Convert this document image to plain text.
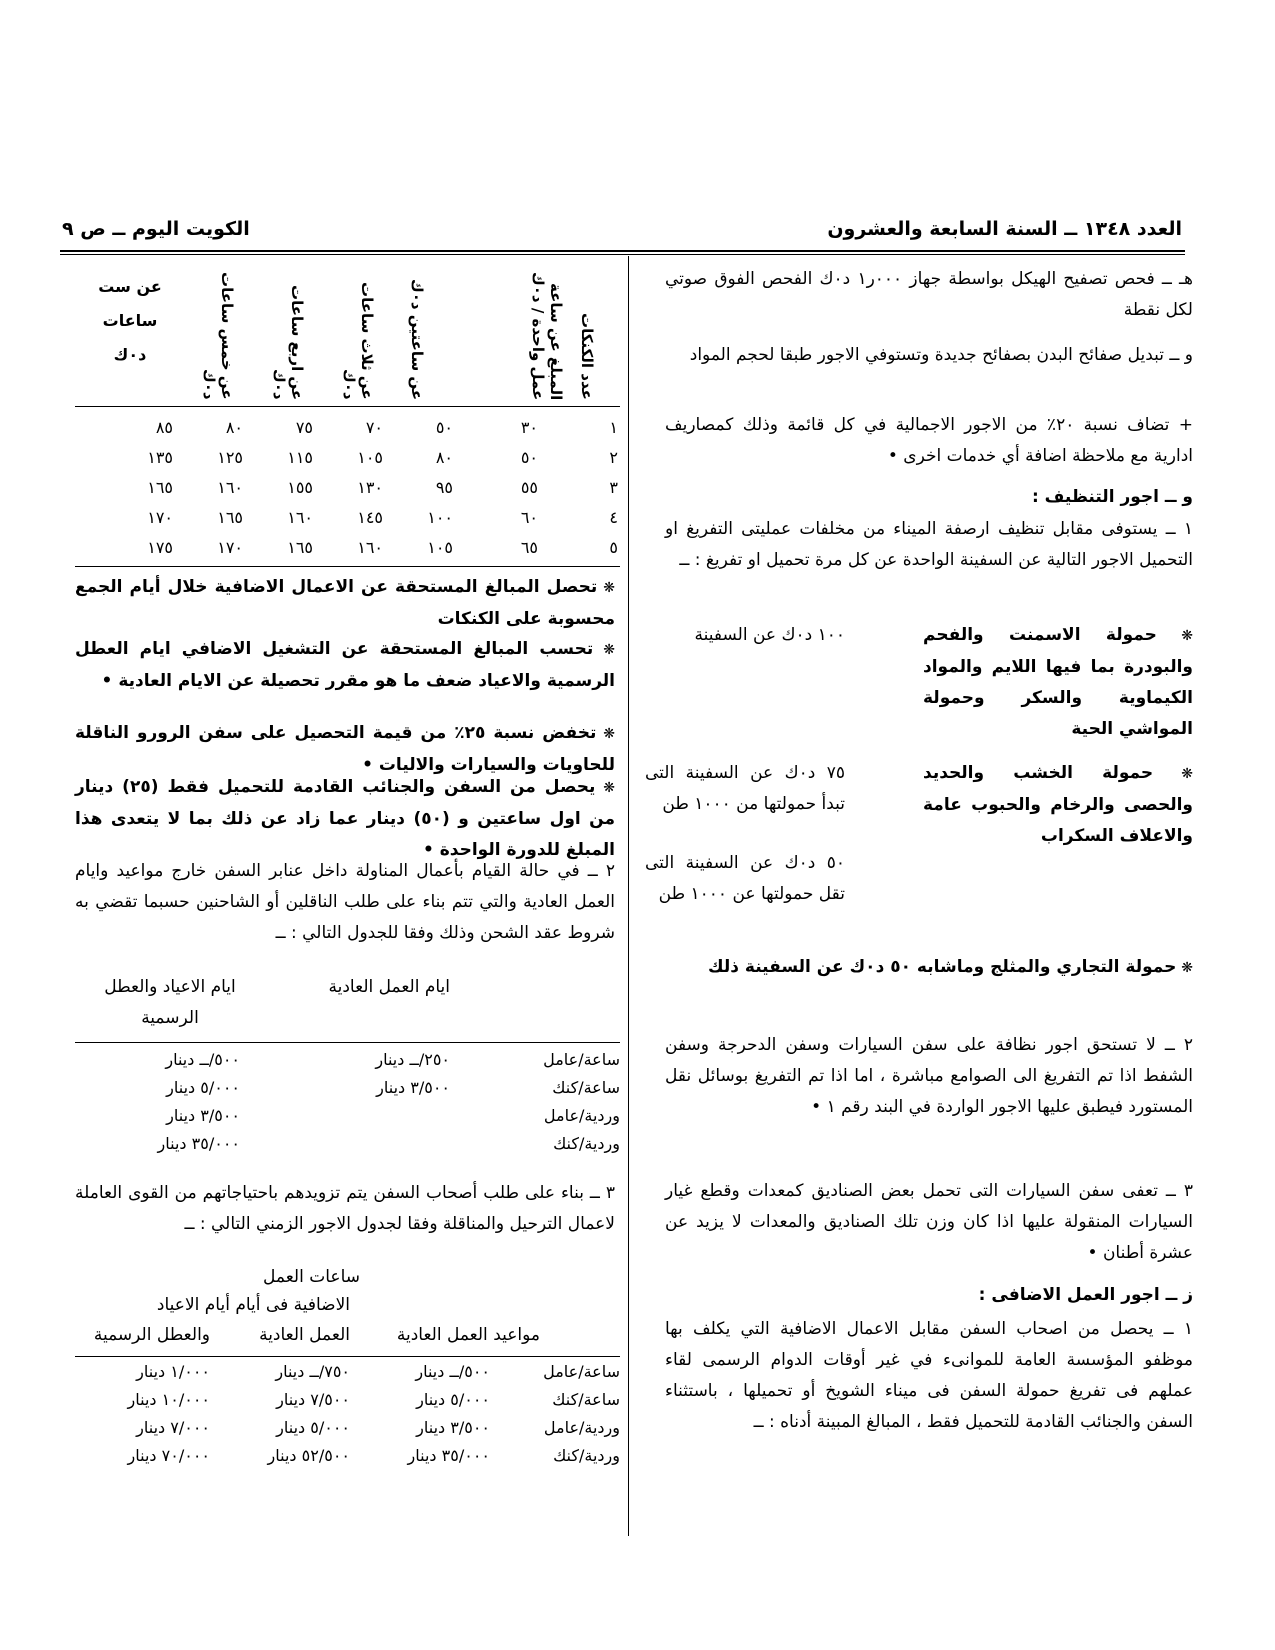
العدد ١٣٤٨ ــ السنة السابعة والعشرون
الكويت اليوم ــ ص ٩
هـ ــ فحص تصفيح الهيكل بواسطة جهاز ٠٠٠ر١ د٠ك الفحص الفوق صوتي لكل نقطة
و ــ تبديل صفائح البدن بصفائح جديدة وتستوفي الاجور طبقا لحجم المواد
+ تضاف نسبة ٢٠٪ من الاجور الاجمالية في كل قائمة وذلك كمصاريف ادارية مع ملاحظة اضافة أي خدمات اخرى •
و ــ اجور التنظيف :
١ ــ يستوفى مقابل تنظيف ارصفة الميناء من مخلفات عمليتى التفريغ او التحميل الاجور التالية عن السفينة الواحدة عن كل مرة تحميل او تفريغ : ــ
❋ حمولة الاسمنت والفحم والبودرة بما فيها اللايم والمواد الكيماوية والسكر وحمولة المواشي الحية
١٠٠ د٠ك عن السفينة
❋ حمولة الخشب والحديد والحصى والرخام والحبوب عامة والاعلاف السكراب
٧٥ د٠ك عن السفينة التى تبدأ حمولتها من ١٠٠٠ طن
٥٠ د٠ك عن السفينة التى تقل حمولتها عن ١٠٠٠ طن
❋ حمولة التجاري والمثلج وماشابه ٥٠ د٠ك عن السفينة ذلك
٢ ــ لا تستحق اجور نظافة على سفن السيارات وسفن الدحرجة وسفن الشفط اذا تم التفريغ الى الصوامع مباشرة ، اما اذا تم التفريغ بوسائل نقل المستورد فيطبق عليها الاجور الواردة في البند رقم ١ •
٣ ــ تعفى سفن السيارات التى تحمل بعض الصناديق كمعدات وقطع غيار السيارات المنقولة عليها اذا كان وزن تلك الصناديق والمعدات لا يزيد عن عشرة أطنان •
ز ــ اجور العمل الاضافى :
١ ــ يحصل من اصحاب السفن مقابل الاعمال الاضافية التي يكلف بها موظفو المؤسسة العامة للموانىء في غير أوقات الدوام الرسمى لقاء عملهم فى تفريغ حمولة السفن فى ميناء الشويخ أو تحميلها ، باستثناء السفن والجنائب القادمة للتحميل فقط ، المبالغ المبينة أدناه : ــ
عدد الكنكات
المبلغ عن ساعة عمل واحدة / د٠ك
عن ساعتين د٠ك
عن ثلاث ساعات د٠ك
عن اربع ساعات د٠ك
عن خمس ساعات د٠ك
عن ست ساعات د٠ك
١
٣٠
٥٠
٧٠
٧٥
٨٠
٨٥
٢
٥٠
٨٠
١٠٥
١١٥
١٢٥
١٣٥
٣
٥٥
٩٥
١٣٠
١٥٥
١٦٠
١٦٥
٤
٦٠
١٠٠
١٤٥
١٦٠
١٦٥
١٧٠
٥
٦٥
١٠٥
١٦٠
١٦٥
١٧٠
١٧٥
❋ تحصل المبالغ المستحقة عن الاعمال الاضافية خلال أيام الجمع محسوبة على الكنكات
❋ تحسب المبالغ المستحقة عن التشغيل الاضافي ايام العطل الرسمية والاعياد ضعف ما هو مقرر تحصيلة عن الايام العادية •
❋ تخفض نسبة ٢٥٪ من قيمة التحصيل على سفن الرورو الناقلة للحاويات والسيارات والاليات •
❋ يحصل من السفن والجنائب القادمة للتحميل فقط (٢٥) دينار من اول ساعتين و (٥٠) دينار عما زاد عن ذلك بما لا يتعدى هذا المبلغ للدورة الواحدة •
٢ ــ في حالة القيام بأعمال المناولة داخل عنابر السفن خارج مواعيد وايام العمل العادية والتي تتم بناء على طلب الناقلين أو الشاحنين حسبما تقضي به شروط عقد الشحن وذلك وفقا للجدول التالي : ــ
ايام العمل العادية
ايام الاعياد والعطل الرسمية
ساعة/عامل
٢٥٠/ــ دينار
٥٠٠/ــ دينار
ساعة/كنك
٣/٥٠٠ دينار
٥/٠٠٠ دينار
وردية/عامل
٣/٥٠٠ دينار
وردية/كنك
٣٥/٠٠٠ دينار
٣ ــ بناء على طلب أصحاب السفن يتم تزويدهم باحتياجاتهم من القوى العاملة لاعمال الترحيل والمناقلة وفقا لجدول الاجور الزمني التالي : ــ
ساعات العمل
الاضافية فى أيام أيام الاعياد
مواعيد العمل العادية
العمل العادية
والعطل الرسمية
ساعة/عامل
٥٠٠/ــ دينار
٧٥٠/ــ دينار
١/٠٠٠ دينار
ساعة/كنك
٥/٠٠٠ دينار
٧/٥٠٠ دينار
١٠/٠٠٠ دينار
وردية/عامل
٣/٥٠٠ دينار
٥/٠٠٠ دينار
٧/٠٠٠ دينار
وردية/كنك
٣٥/٠٠٠ دينار
٥٢/٥٠٠ دينار
٧٠/٠٠٠ دينار
